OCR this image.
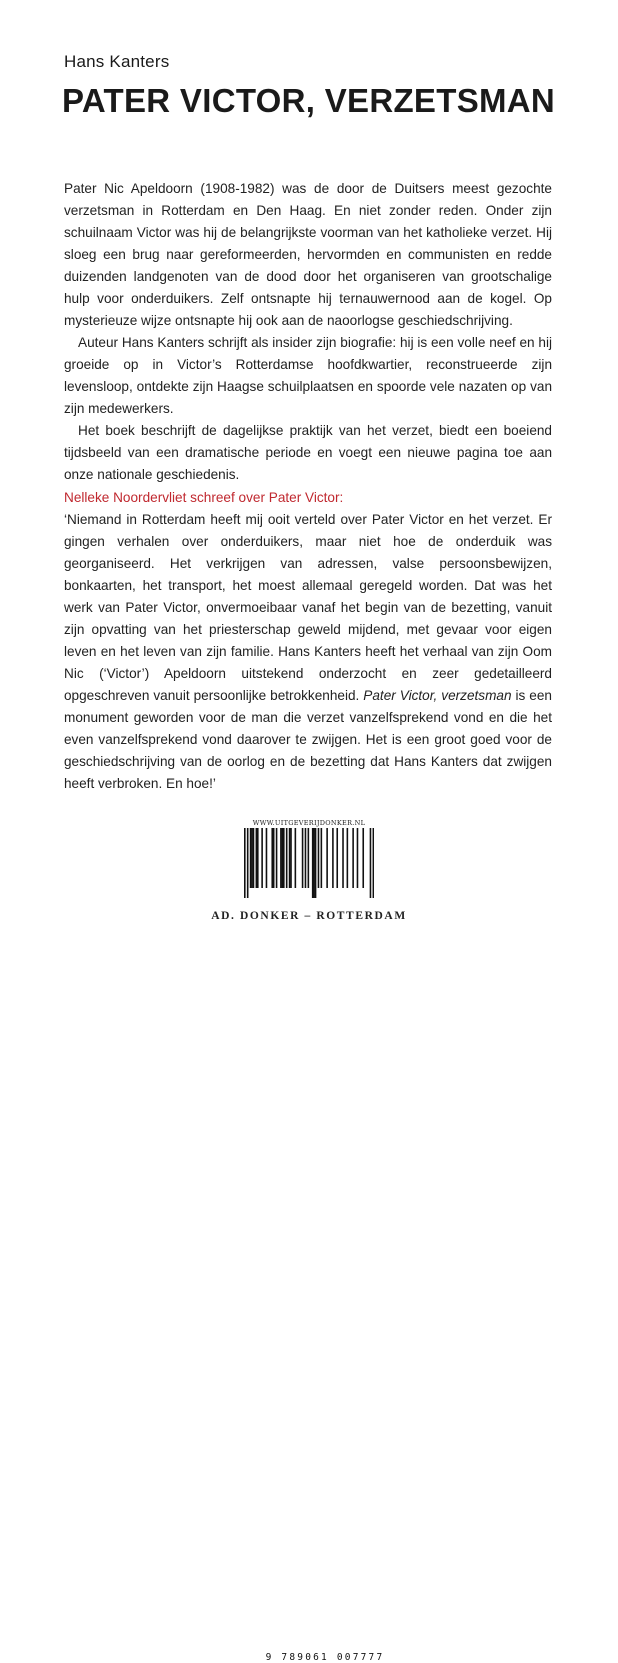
Hans Kanters
PATER VICTOR, VERZETSMAN

Pater Nic Apeldoorn (1908-1982) was de door de Duitsers meest gezochte verzetsman in Rotterdam en Den Haag. En niet zonder reden. Onder zijn schuilnaam Victor was hij de belangrijkste voorman van het katholieke verzet. Hij sloeg een brug naar gereformeerden, hervormden en communisten en redde duizenden landgenoten van de dood door het organiseren van grootschalige hulp voor onderduikers. Zelf ontsnapte hij ternauwernood aan de kogel. Op mysterieuze wijze ontsnapte hij ook aan de naoorlogse geschiedschrijving.

Auteur Hans Kanters schrijft als insider zijn biografie: hij is een volle neef en hij groeide op in Victor’s Rotterdamse hoofdkwartier, reconstrueerde zijn levensloop, ontdekte zijn Haagse schuilplaatsen en spoorde vele nazaten op van zijn medewerkers.

Het boek beschrijft de dagelijkse praktijk van het verzet, biedt een boeiend tijdsbeeld van een dramatische periode en voegt een nieuwe pagina toe aan onze nationale geschiedenis.

Nelleke Noordervliet schreef over Pater Victor:

‘Niemand in Rotterdam heeft mij ooit verteld over Pater Victor en het verzet. Er gingen verhalen over onderduikers, maar niet hoe de onderduik was georganiseerd. Het verkrijgen van adressen, valse persoonsbewijzen, bonkaarten, het transport, het moest allemaal geregeld worden. Dat was het werk van Pater Victor, onvermoeibaar vanaf het begin van de bezetting, vanuit zijn opvatting van het priesterschap geweld mijdend, met gevaar voor eigen leven en het leven van zijn familie. Hans Kanters heeft het verhaal van zijn Oom Nic (‘Victor’) Apeldoorn uitstekend onderzocht en zeer gedetailleerd opgeschreven vanuit persoonlijke betrokkenheid. Pater Victor, verzetsman is een monument geworden voor de man die verzet vanzelfsprekend vond en die het even vanzelfsprekend vond daarover te zwijgen. Het is een groot goed voor de geschiedschrijving van de oorlog en de bezetting dat Hans Kanters dat zwijgen heeft verbroken. En hoe!’

WWW.UITGEVERIJDONKER.NL
9 789061 007777
AD. DONKER – ROTTERDAM
